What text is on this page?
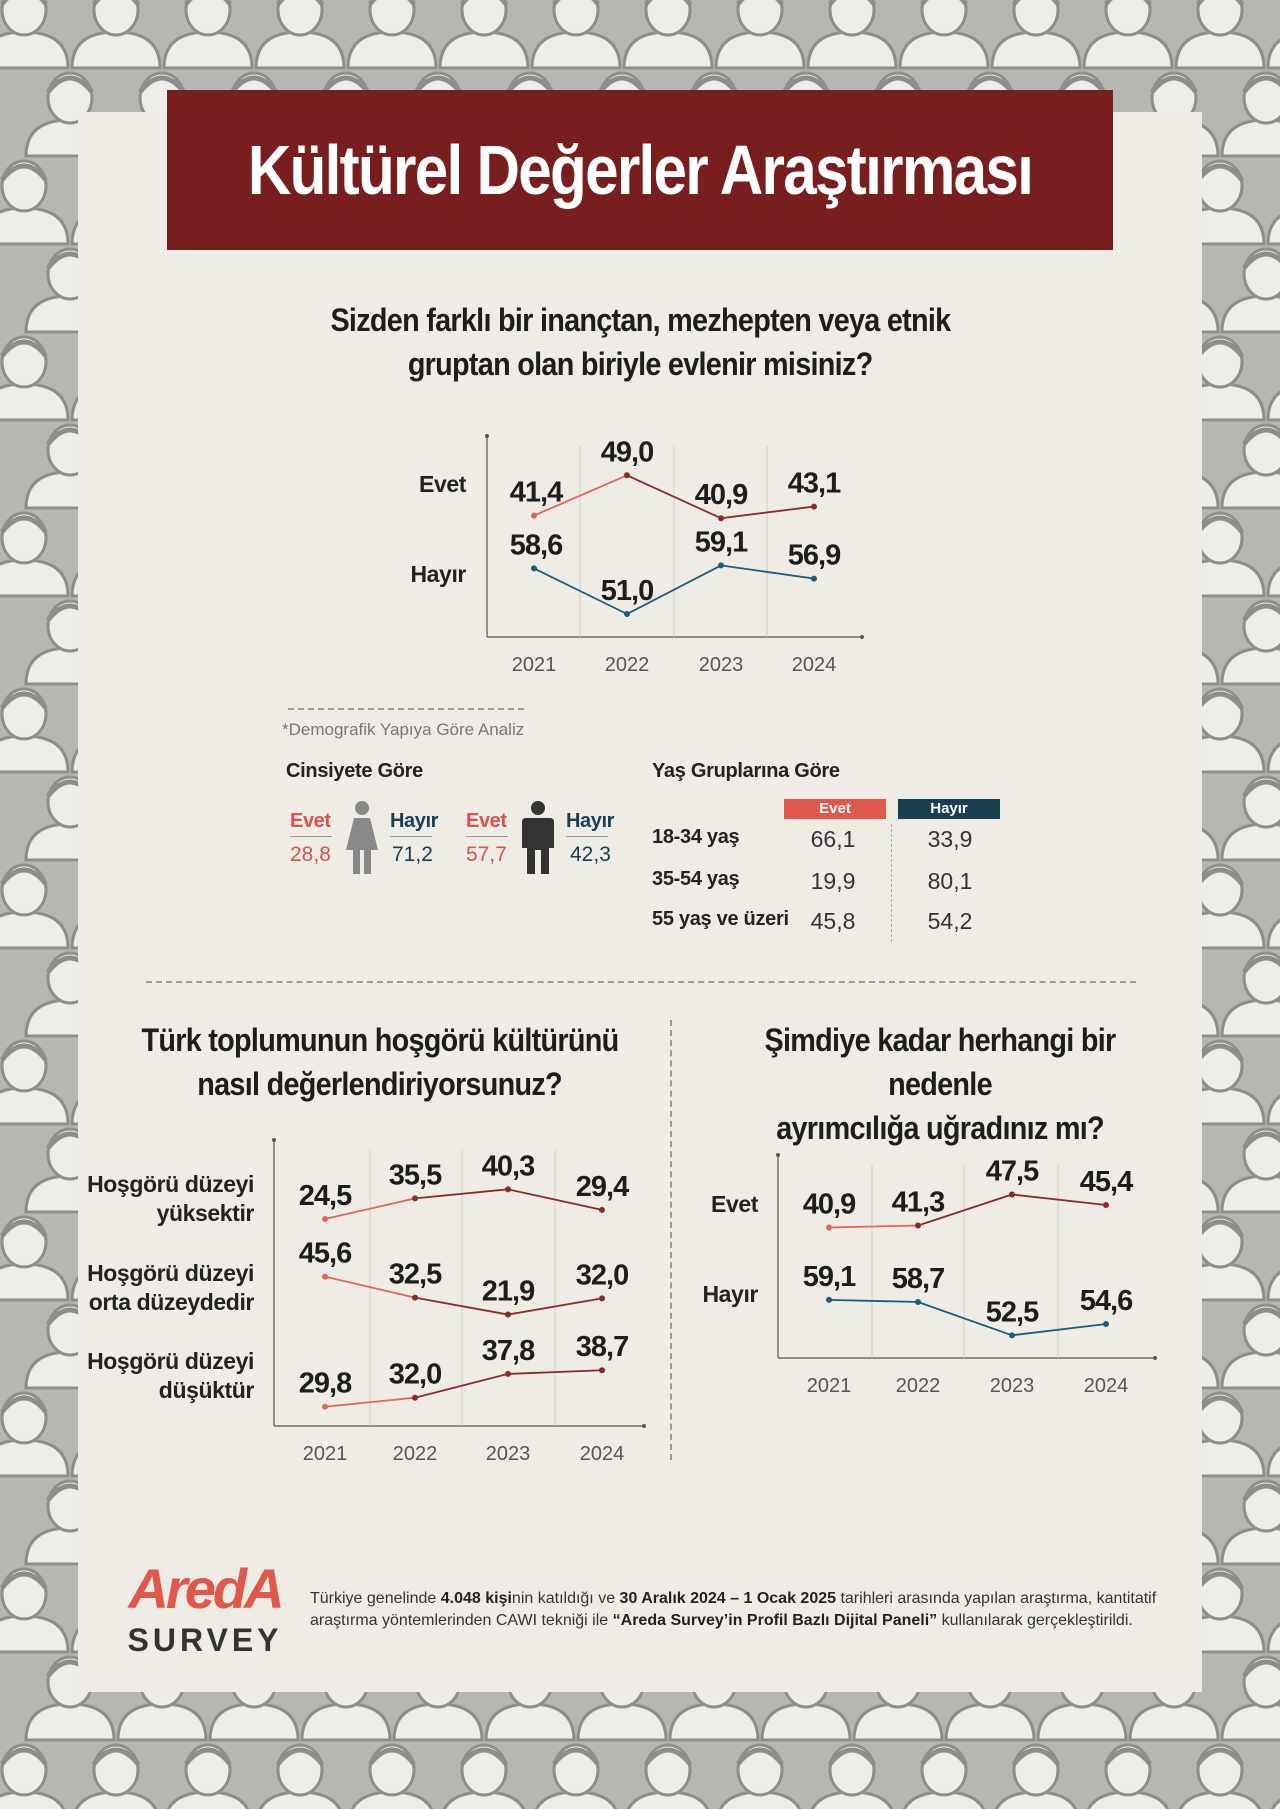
Kültürel Değerler Araştırması
Sizden farklı bir inançtan, mezhepten veya etnik
gruptan olan biriyle evlenir misiniz?
Evet
Hayır
2021 2022 2023 2024
41,4
49,0
40,9 43,1
58,6
51,0
59,1 56,9
*Demografik Yapıya Göre Analiz
Cinsiyete Göre
Evet
28,8
Hayır
71,2
Evet
57,7
Hayır
42,3
Yaş Gruplarına Göre
Evet	Hayır
18-34 yaş	66,1	33,9
35-54 yaş	19,9	80,1
55 yaş ve üzeri 45,8	54,2
Türk toplumunun hoşgörü kültürünü
nasıl değerlendiriyorsunuz?
Hoşgörü düzeyi
yüksektir
Hoşgörü düzeyi
orta düzeydedir
Hoşgörü düzeyi
düşüktür
2021 2022 2023 2024
24,5
35,5 40,3
29,4
45,6
32,5
21,9
32,0
29,8 32,0
37,8 38,7
Şimdiye kadar herhangi bir nedenle
ayrımcılığa uğradınız mı?
Evet
Hayır
2021 2022 2023 2024
40,9 41,3
47,5 45,4
59,1 58,7
52,5 54,6
AredA
SURVEY
Türkiye genelinde 4.048 kişinin katıldığı ve 30 Aralık 2024 – 1 Ocak 2025 tarihleri arasında yapılan araştırma, kantitatif araştırma yöntemlerinden CAWI tekniği ile “Areda Survey’in Profil Bazlı Dijital Paneli” kullanılarak gerçekleştirildi.
